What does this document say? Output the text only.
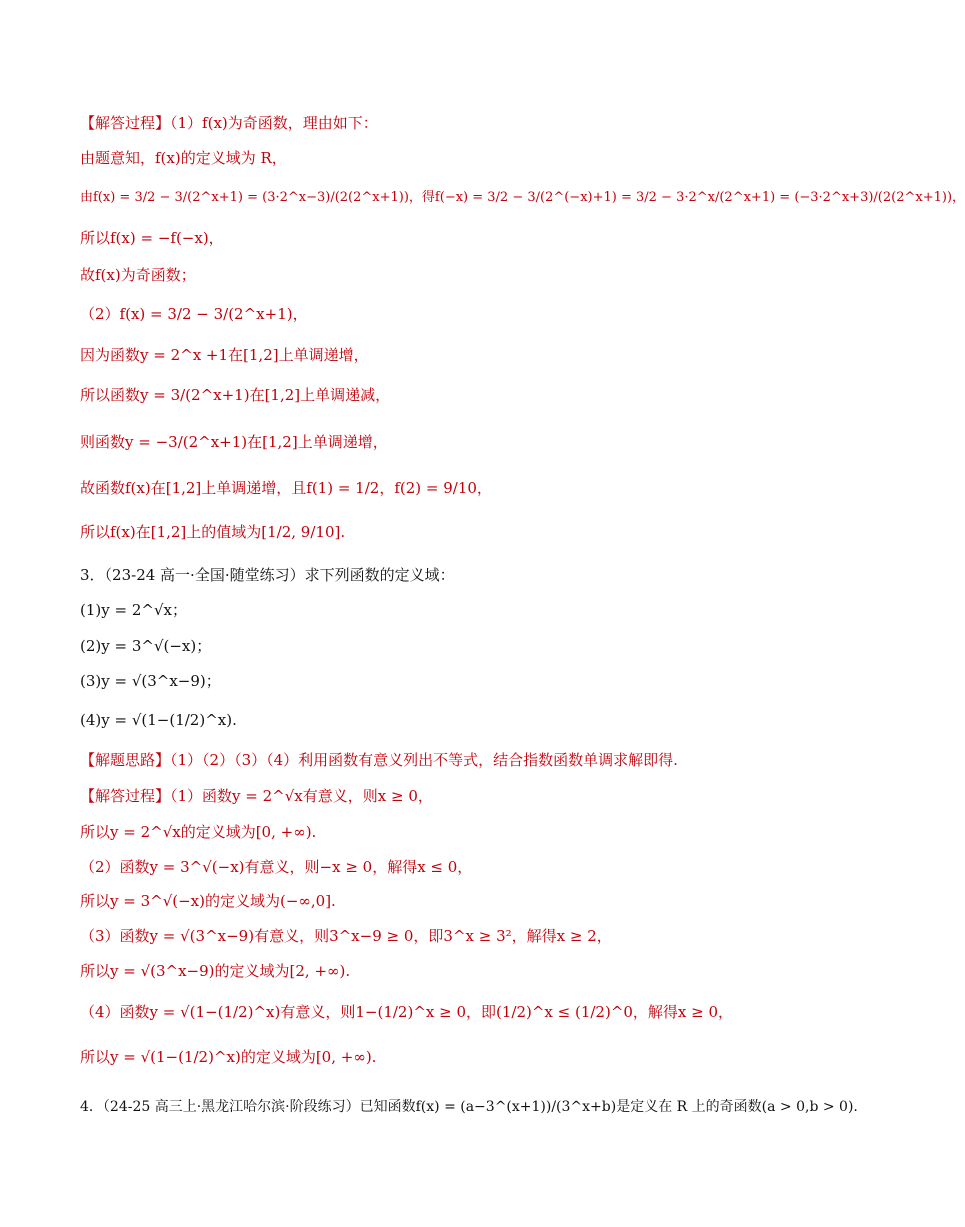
【解答过程】（1）f(x)为奇函数，理由如下：
由题意知，f(x)的定义域为 R，
由f(x) = 3/2 − 3/(2^x+1) = (3·2^x−3)/(2(2^x+1))，得f(−x) = 3/2 − 3/(2^(−x)+1) = 3/2 − 3·2^x/(2^x+1) = (−3·2^x+3)/(2(2^x+1))，
所以f(x) = −f(−x)，
故f(x)为奇函数；
（2）f(x) = 3/2 − 3/(2^x+1)，
因为函数y = 2^x +1在[1,2]上单调递增，
所以函数y = 3/(2^x+1)在[1,2]上单调递减，
则函数y = −3/(2^x+1)在[1,2]上单调递增，
故函数f(x)在[1,2]上单调递增，且f(1) = 1/2，f(2) = 9/10，
所以f(x)在[1,2]上的值域为[1/2, 9/10].
3．（23-24 高一·全国·随堂练习）求下列函数的定义域：
(1)y = 2^√x；
(2)y = 3^√(−x)；
(3)y = √(3^x−9)；
(4)y = √(1−(1/2)^x).
【解题思路】（1）（2）（3）（4）利用函数有意义列出不等式，结合指数函数单调求解即得.
【解答过程】（1）函数y = 2^√x有意义，则x ≥ 0，
所以y = 2^√x的定义域为[0, +∞).
（2）函数y = 3^√(−x)有意义，则−x ≥ 0，解得x ≤ 0，
所以y = 3^√(−x)的定义域为(−∞,0].
（3）函数y = √(3^x−9)有意义，则3^x−9 ≥ 0，即3^x ≥ 3²，解得x ≥ 2，
所以y = √(3^x−9)的定义域为[2, +∞).
（4）函数y = √(1−(1/2)^x)有意义，则1−(1/2)^x ≥ 0，即(1/2)^x ≤ (1/2)^0，解得x ≥ 0，
所以y = √(1−(1/2)^x)的定义域为[0, +∞).
4．（24-25 高三上·黑龙江哈尔滨·阶段练习）已知函数f(x) = (a−3^(x+1))/(3^x+b)是定义在 R 上的奇函数(a > 0,b > 0).
